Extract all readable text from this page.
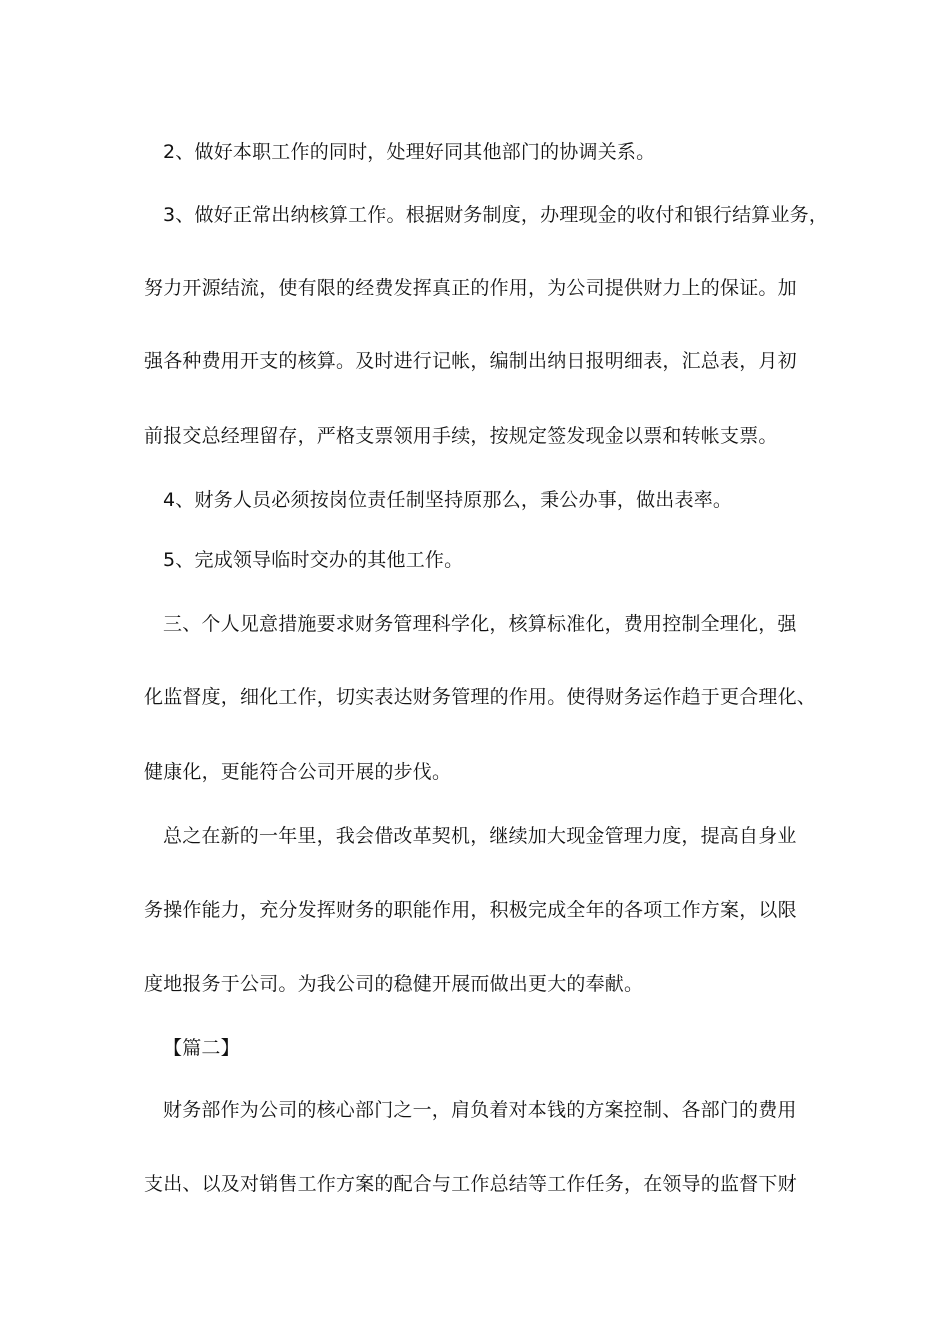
2、做好本职工作的同时，处理好同其他部门的协调关系。
3、做好正常出纳核算工作。根据财务制度，办理现金的收付和银行结算业务，
努力开源结流，使有限的经费发挥真正的作用，为公司提供财力上的保证。加
强各种费用开支的核算。及时进行记帐，编制出纳日报明细表，汇总表，月初
前报交总经理留存，严格支票领用手续，按规定签发现金以票和转帐支票。
4、财务人员必须按岗位责任制坚持原那么，秉公办事，做出表率。
5、完成领导临时交办的其他工作。
三、个人见意措施要求财务管理科学化，核算标准化，费用控制全理化，强
化监督度，细化工作，切实表达财务管理的作用。使得财务运作趋于更合理化、
健康化，更能符合公司开展的步伐。
总之在新的一年里，我会借改革契机，继续加大现金管理力度，提高自身业
务操作能力，充分发挥财务的职能作用，积极完成全年的各项工作方案，以限
度地报务于公司。为我公司的稳健开展而做出更大的奉献。
【篇二】
财务部作为公司的核心部门之一，肩负着对本钱的方案控制、各部门的费用
支出、以及对销售工作方案的配合与工作总结等工作任务，在领导的监督下财
